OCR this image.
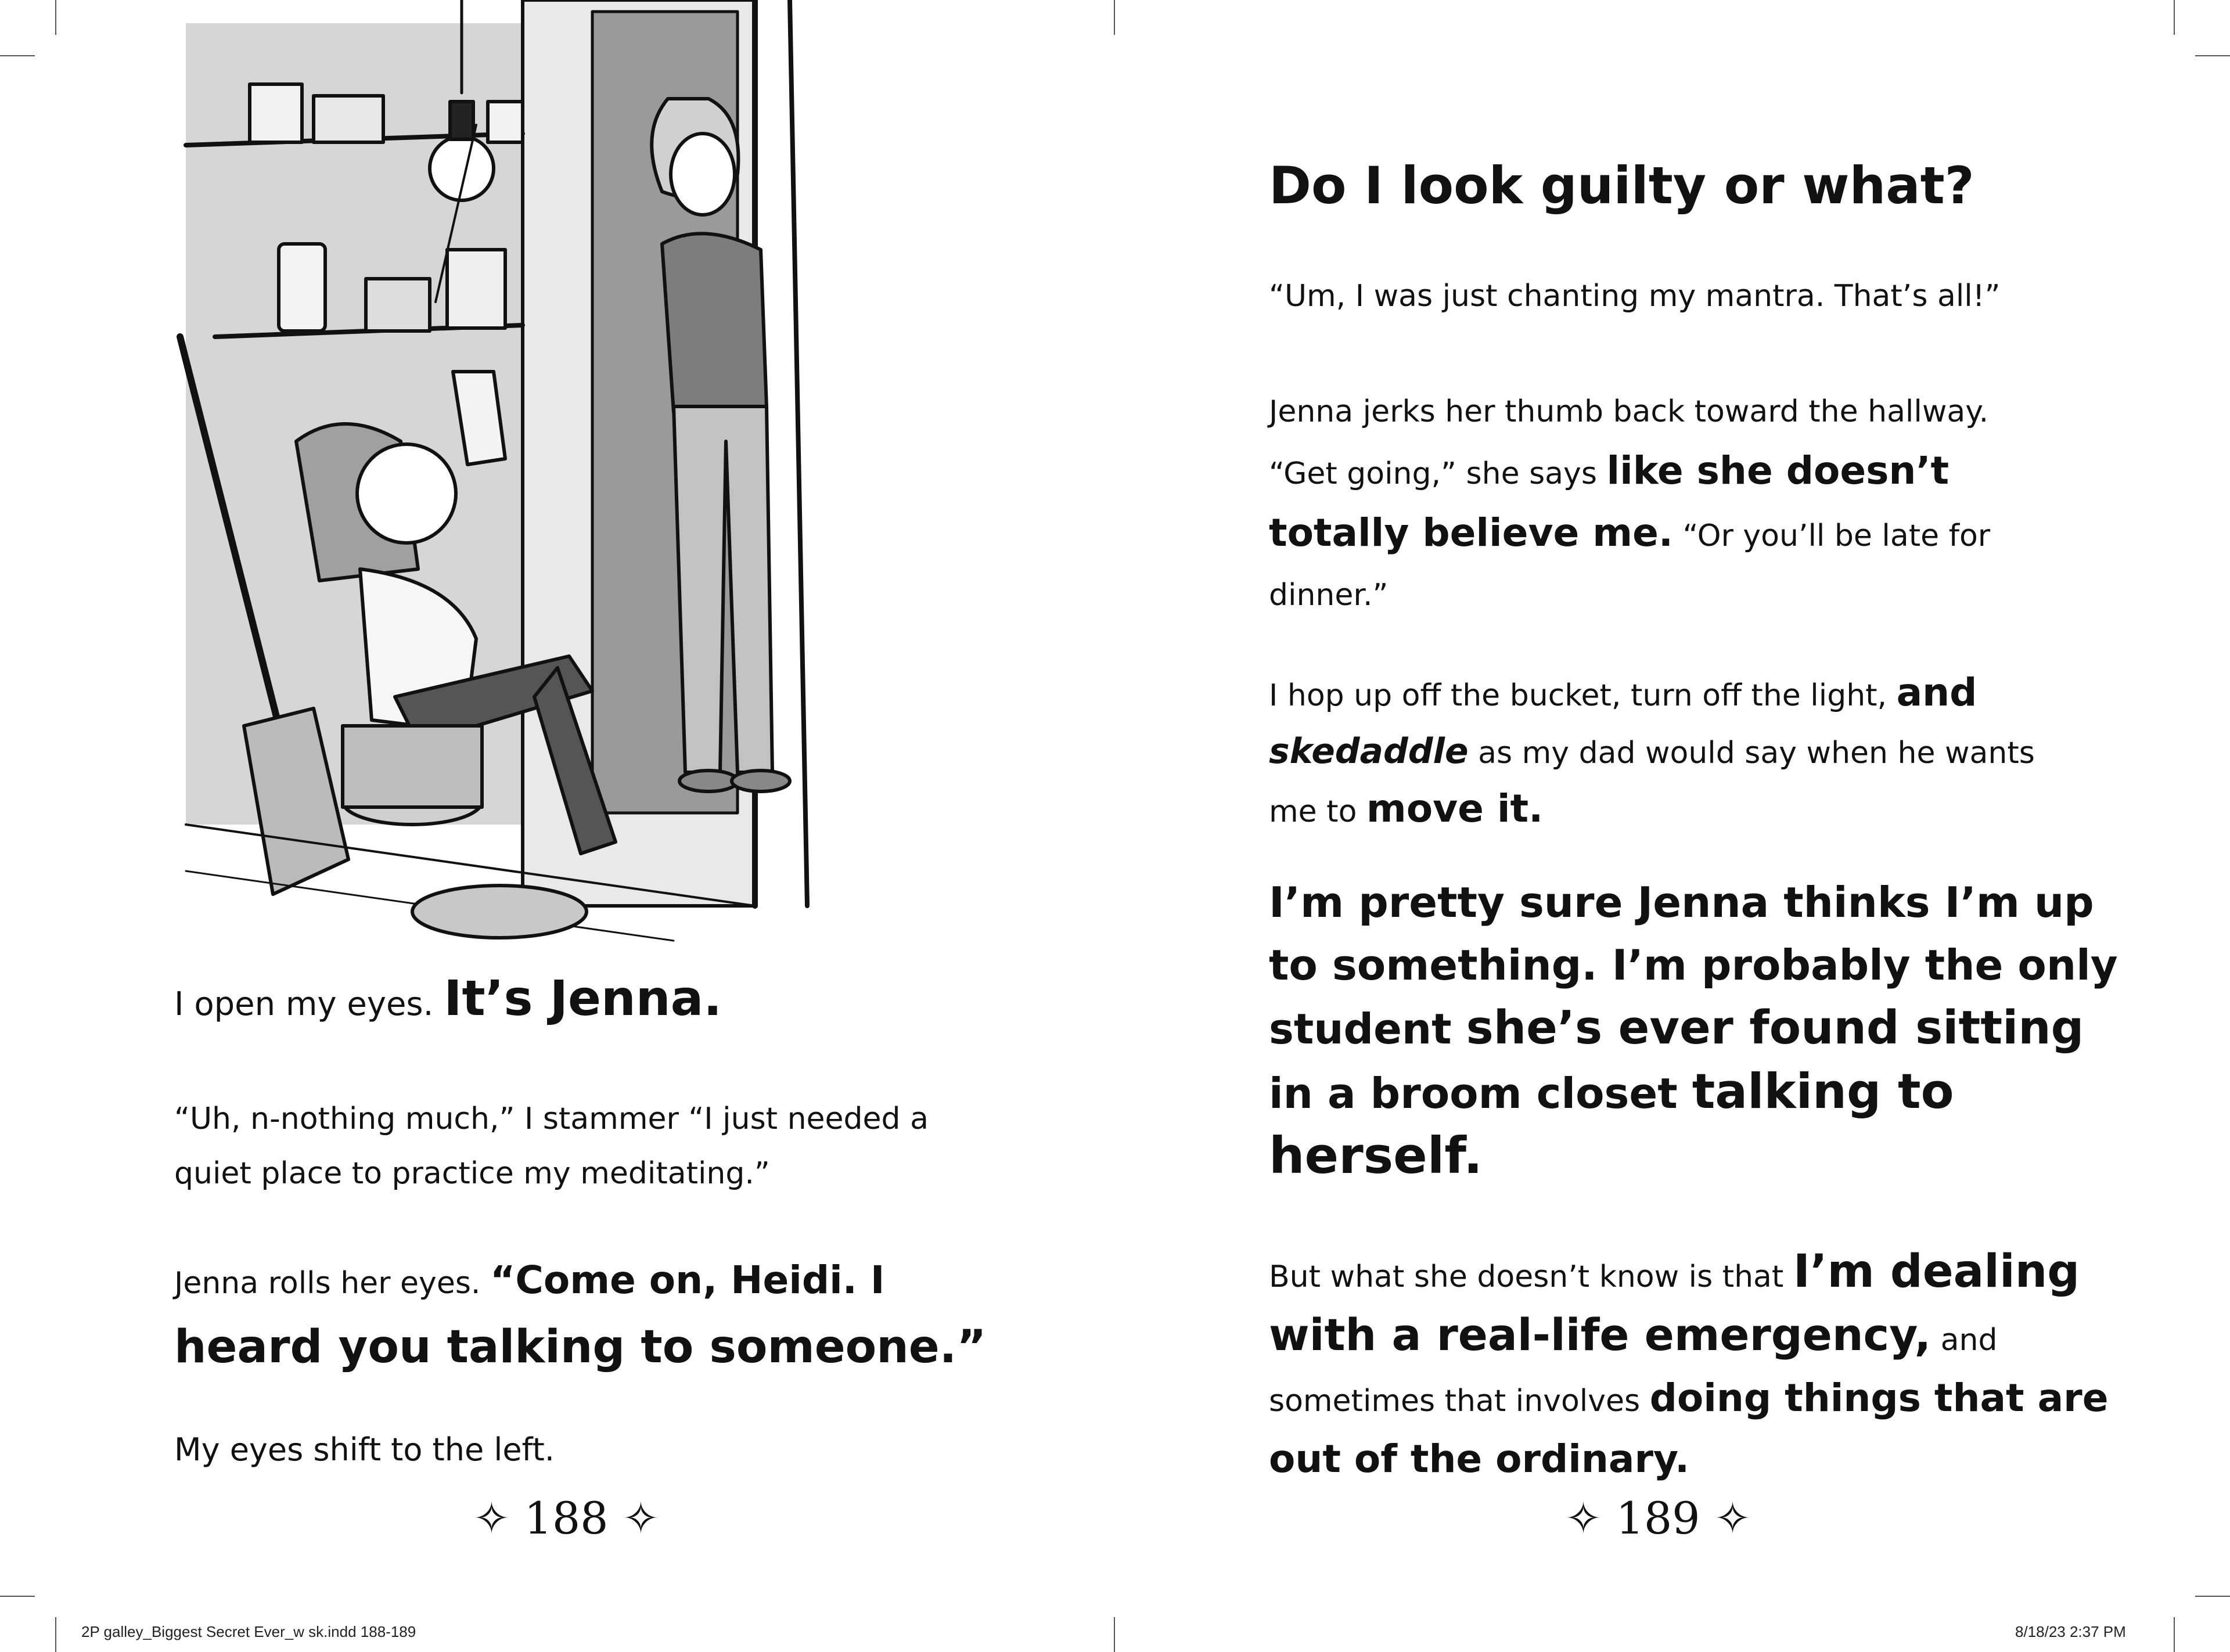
I open my eyes. It’s Jenna.
“Uh, n-nothing much,” I stammer “I just needed a
quiet place to practice my meditating.”
Jenna rolls her eyes. “Come on, Heidi. I
heard you talking to someone.”
My eyes shift to the left.
✧ 188 ✧
Do I look guilty or what?
“Um, I was just chanting my mantra. That’s all!”
Jenna jerks her thumb back toward the hallway.
“Get going,” she says like she doesn’t
totally believe me. “Or you’ll be late for
dinner.”
I hop up off the bucket, turn off the light, and
skedaddle as my dad would say when he wants
me to move it.
I’m pretty sure Jenna thinks I’m up
to something. I’m probably the only
student she’s ever found sitting
in a broom closet talking to
herself.
But what she doesn’t know is that I’m dealing
with a real-life emergency, and
sometimes that involves doing things that are
out of the ordinary.
✧ 189 ✧
2P galley_Biggest Secret Ever_w sk.indd 188-189	8/18/23 2:37 PM
